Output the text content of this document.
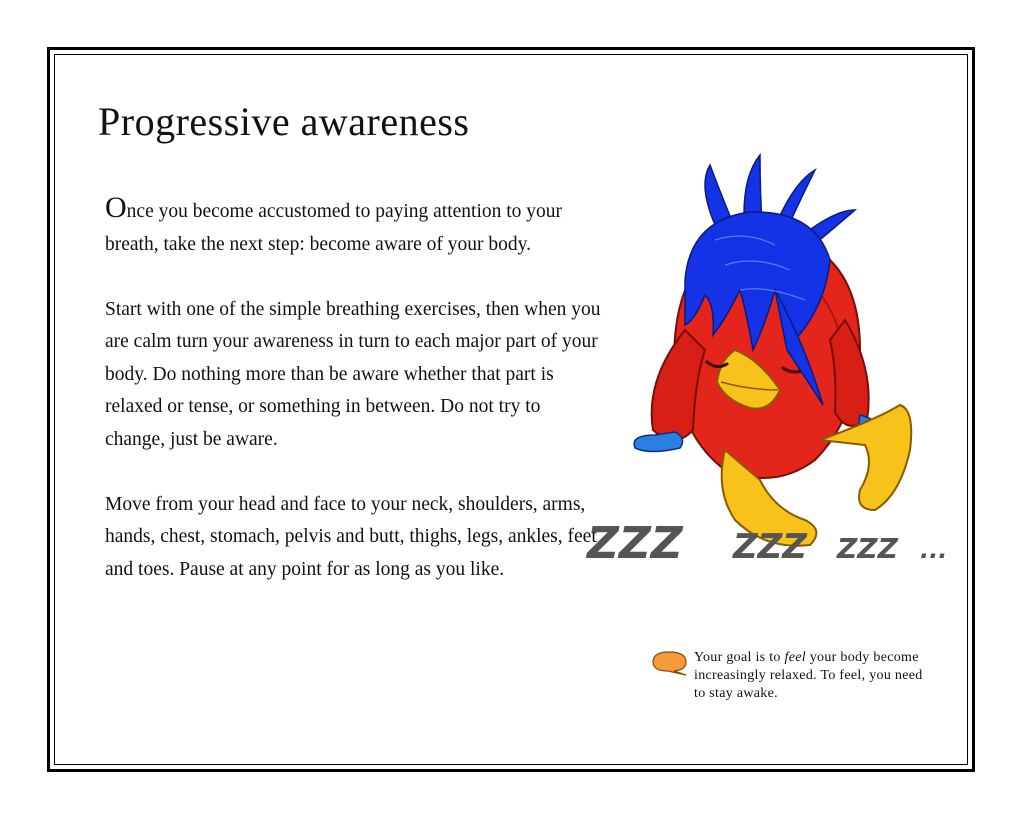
Progressive awareness

Once you become accustomed to paying attention to your breath, take the next step: become aware of your body.

Start with one of the simple breathing exercises, then when you are calm turn your awareness in turn to each major part of your body. Do nothing more than be aware whether that part is relaxed or tense, or something in between. Do not try to change, just be aware.

Move from your head and face to your neck, shoulders, arms, hands, chest, stomach, pelvis and butt, thighs, legs, ankles, feet and toes. Pause at any point for as long as you like.	ZZZ ZZZ ZZZ ...
Your goal is to feel your body become increasingly relaxed. To feel, you need to stay awake.
